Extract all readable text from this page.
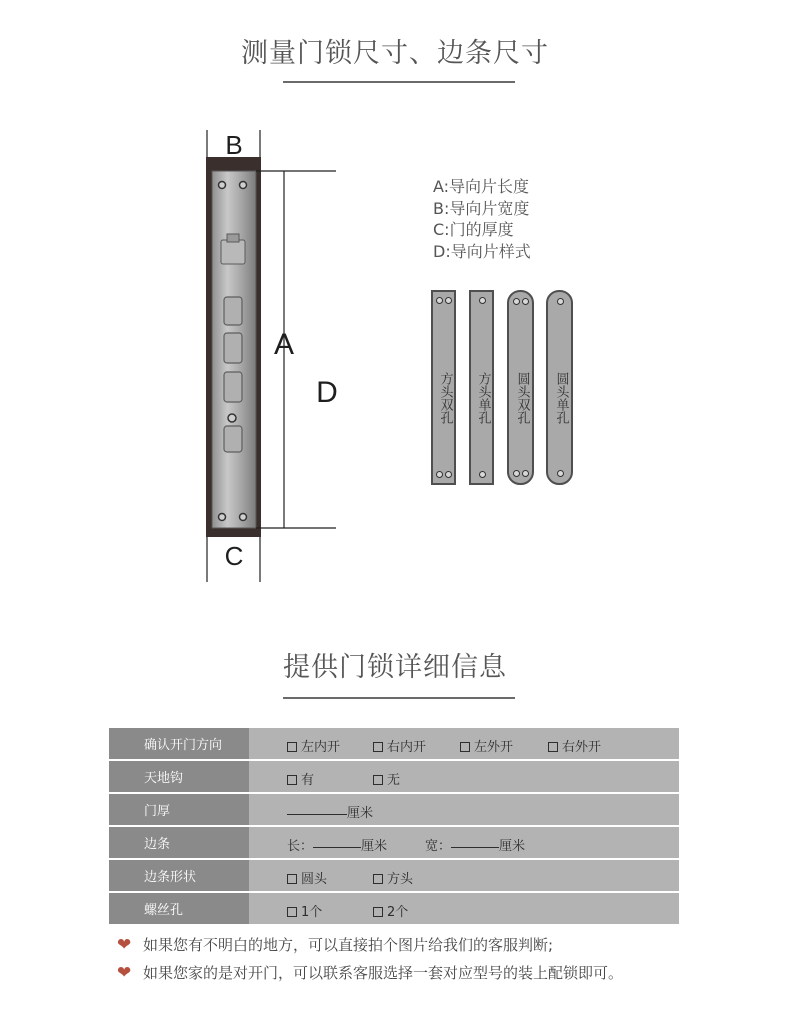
测量门锁尺寸、边条尺寸
B
A
D
C
A:导向片长度
B:导向片宽度
C:门的厚度
D:导向片样式
方头双孔 方头单孔 圆头双孔 圆头单孔
提供门锁详细信息
确认开门方向	左内开 右内开 左外开 右外开

天地钩	有 无

门厚	厘米

边条	长： 厘米 宽： 厘米

边条形状	圆头 方头

螺丝孔	1个 2个
❤ 如果您有不明白的地方，可以直接拍个图片给我们的客服判断;
❤ 如果您家的是对开门，可以联系客服选择一套对应型号的装上配锁即可。
